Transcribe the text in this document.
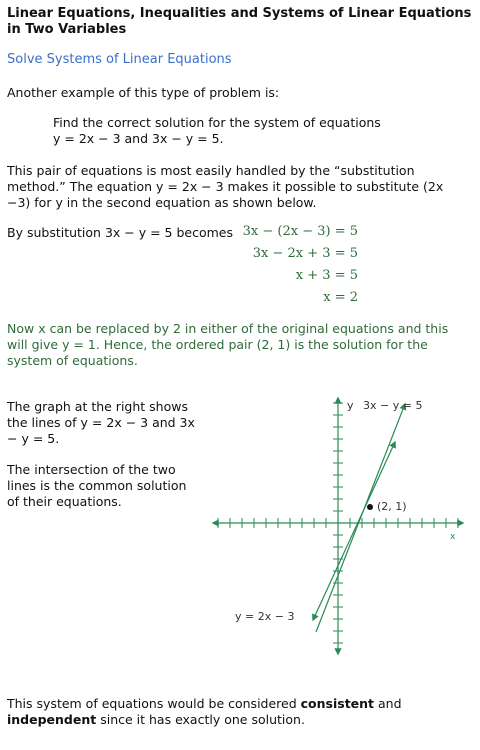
Linear Equations, Inequalities and Systems of Linear Equations in Two Variables
Solve Systems of Linear Equations
Another example of this type of problem is:
Find the correct solution for the system of equations
y = 2x − 3 and 3x − y = 5.
This pair of equations is most easily handled by the “substitution method.” The equation y = 2x − 3 makes it possible to substitute (2x −3) for y in the second equation as shown below.
By substitution 3x − y = 5 becomes 3x − (2x − 3) = 5
3x − 2x + 3 = 5
x + 3 = 5
x = 2
Now x can be replaced by 2 in either of the original equations and this will give y = 1. Hence, the ordered pair (2, 1) is the solution for the system of equations.
The graph at the right shows the lines of y = 2x − 3 and 3x − y = 5.
The intersection of the two lines is the common solution of their equations.
y 3x − y = 5
(2, 1)
x
y = 2x − 3
This system of equations would be considered consistent and independent since it has exactly one solution.
